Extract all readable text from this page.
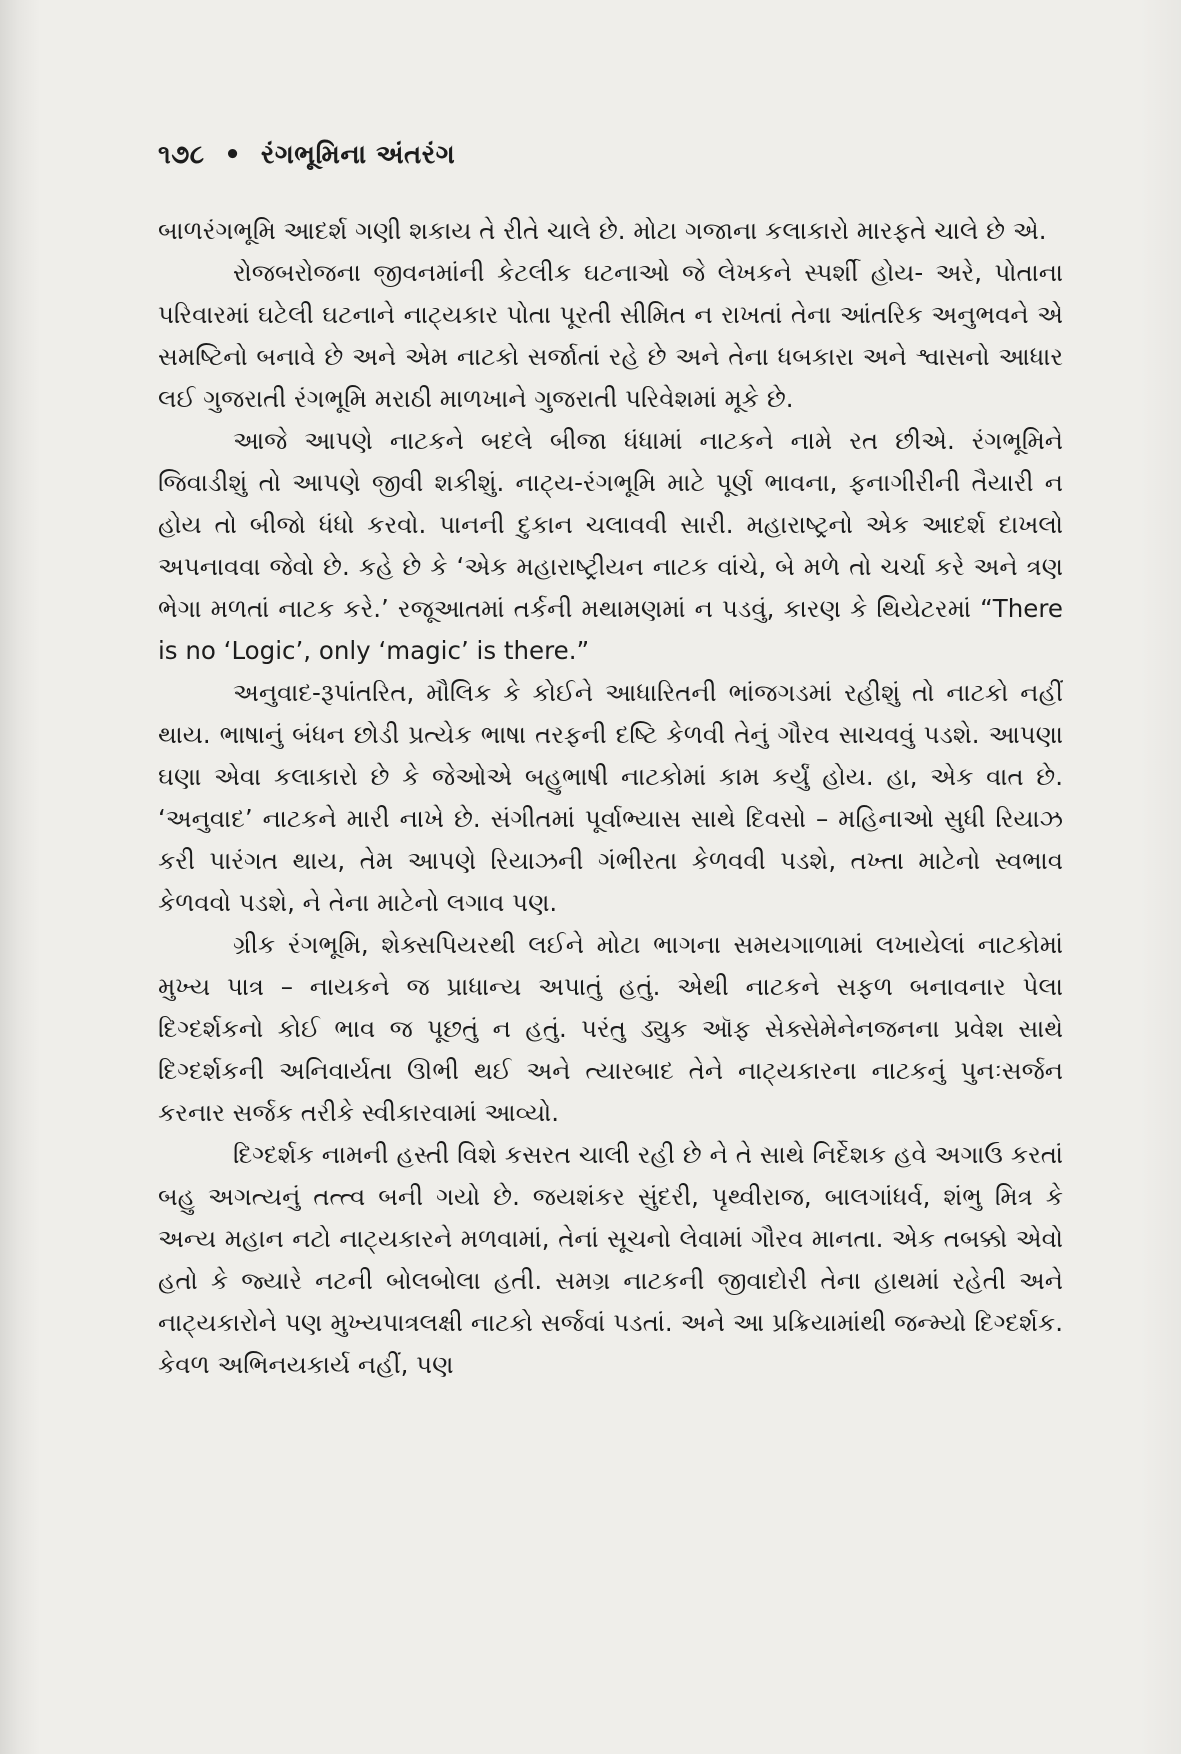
૧૭૮ • રંગભૂમિના અંતરંગ

બાળરંગભૂમિ આદર્શ ગણી શકાય તે રીતે ચાલે છે. મોટા ગજાના કલાકારો મારફતે ચાલે છે એ.

રોજબરોજના જીવનમાંની કેટલીક ઘટનાઓ જે લેખકને સ્પર્શી હોય- અરે, પોતાના પરિવારમાં ઘટેલી ઘટનાને નાટ્યકાર પોતા પૂરતી સીમિત ન રાખતાં તેના આંતરિક અનુભવને એ સમષ્ટિનો બનાવે છે અને એમ નાટકો સર્જાતાં રહે છે અને તેના ધબકારા અને શ્વાસનો આધાર લઈ ગુજરાતી રંગભૂમિ મરાઠી માળખાને ગુજરાતી પરિવેશમાં મૂકે છે.

આજે આપણે નાટકને બદલે બીજા ધંધામાં નાટકને નામે રત છીએ. રંગભૂમિને જિવાડીશું તો આપણે જીવી શકીશું. નાટ્ય-રંગભૂમિ માટે પૂર્ણ ભાવના, ફનાગીરીની તૈયારી ન હોય તો બીજો ધંધો કરવો. પાનની દુકાન ચલાવવી સારી. મહારાષ્ટ્રનો એક આદર્શ દાખલો અપનાવવા જેવો છે. કહે છે કે ‘એક મહારાષ્ટ્રીયન નાટક વાંચે, બે મળે તો ચર્ચા કરે અને ત્રણ ભેગા મળતાં નાટક કરે.’ રજૂઆતમાં તર્કની મથામણમાં ન પડવું, કારણ કે થિયેટરમાં “There is no ‘Logic’, only ‘magic’ is there.”

અનુવાદ-રૂપાંતરિત, મૌલિક કે કોઈને આધારિતની ભાંજગડમાં રહીશું તો નાટકો નહીં થાય. ભાષાનું બંધન છોડી પ્રત્યેક ભાષા તરફની દષ્ટિ કેળવી તેનું ગૌરવ સાચવવું પડશે. આપણા ઘણા એવા કલાકારો છે કે જેઓએ બહુભાષી નાટકોમાં કામ કર્યું હોય. હા, એક વાત છે. ‘અનુવાદ’ નાટકને મારી નાખે છે. સંગીતમાં પૂર્વાભ્યાસ સાથે દિવસો – મહિનાઓ સુધી રિયાઝ કરી પારંગત થાય, તેમ આપણે રિયાઝની ગંભીરતા કેળવવી પડશે, તખ્તા માટેનો સ્વભાવ કેળવવો પડશે, ને તેના માટેનો લગાવ પણ.

ગ્રીક રંગભૂમિ, શેક્સપિયરથી લઈને મોટા ભાગના સમયગાળામાં લખાયેલાં નાટકોમાં મુખ્ય પાત્ર – નાયકને જ પ્રાધાન્ય અપાતું હતું. એથી નાટકને સફળ બનાવનાર પેલા દિગ્દર્શકનો કોઈ ભાવ જ પૂછતું ન હતું. પરંતુ ડ્યુક ઑફ સેક્સેમેનેનજનના પ્રવેશ સાથે દિગ્દર્શકની અનિવાર્યતા ઊભી થઈ અને ત્યારબાદ તેને નાટ્યકારના નાટકનું પુનઃસર્જન કરનાર સર્જક તરીકે સ્વીકારવામાં આવ્યો.

દિગ્દર્શક નામની હસ્તી વિશે કસરત ચાલી રહી છે ને તે સાથે નિર્દેશક હવે અગાઉ કરતાં બહુ અગત્યનું તત્ત્વ બની ગયો છે. જયશંકર સુંદરી, પૃથ્વીરાજ, બાલગાંધર્વ, શંભુ મિત્ર કે અન્ય મહાન નટો નાટ્યકારને મળવામાં, તેનાં સૂચનો લેવામાં ગૌરવ માનતા. એક તબક્કો એવો હતો કે જ્યારે નટની બોલબોલા હતી. સમગ્ર નાટકની જીવાદોરી તેના હાથમાં રહેતી અને નાટ્યકારોને પણ મુખ્યપાત્રલક્ષી નાટકો સર્જવાં પડતાં. અને આ પ્રક્રિયામાંથી જન્મ્યો દિગ્દર્શક. કેવળ અભિનયકાર્ય નહીં, પણ
